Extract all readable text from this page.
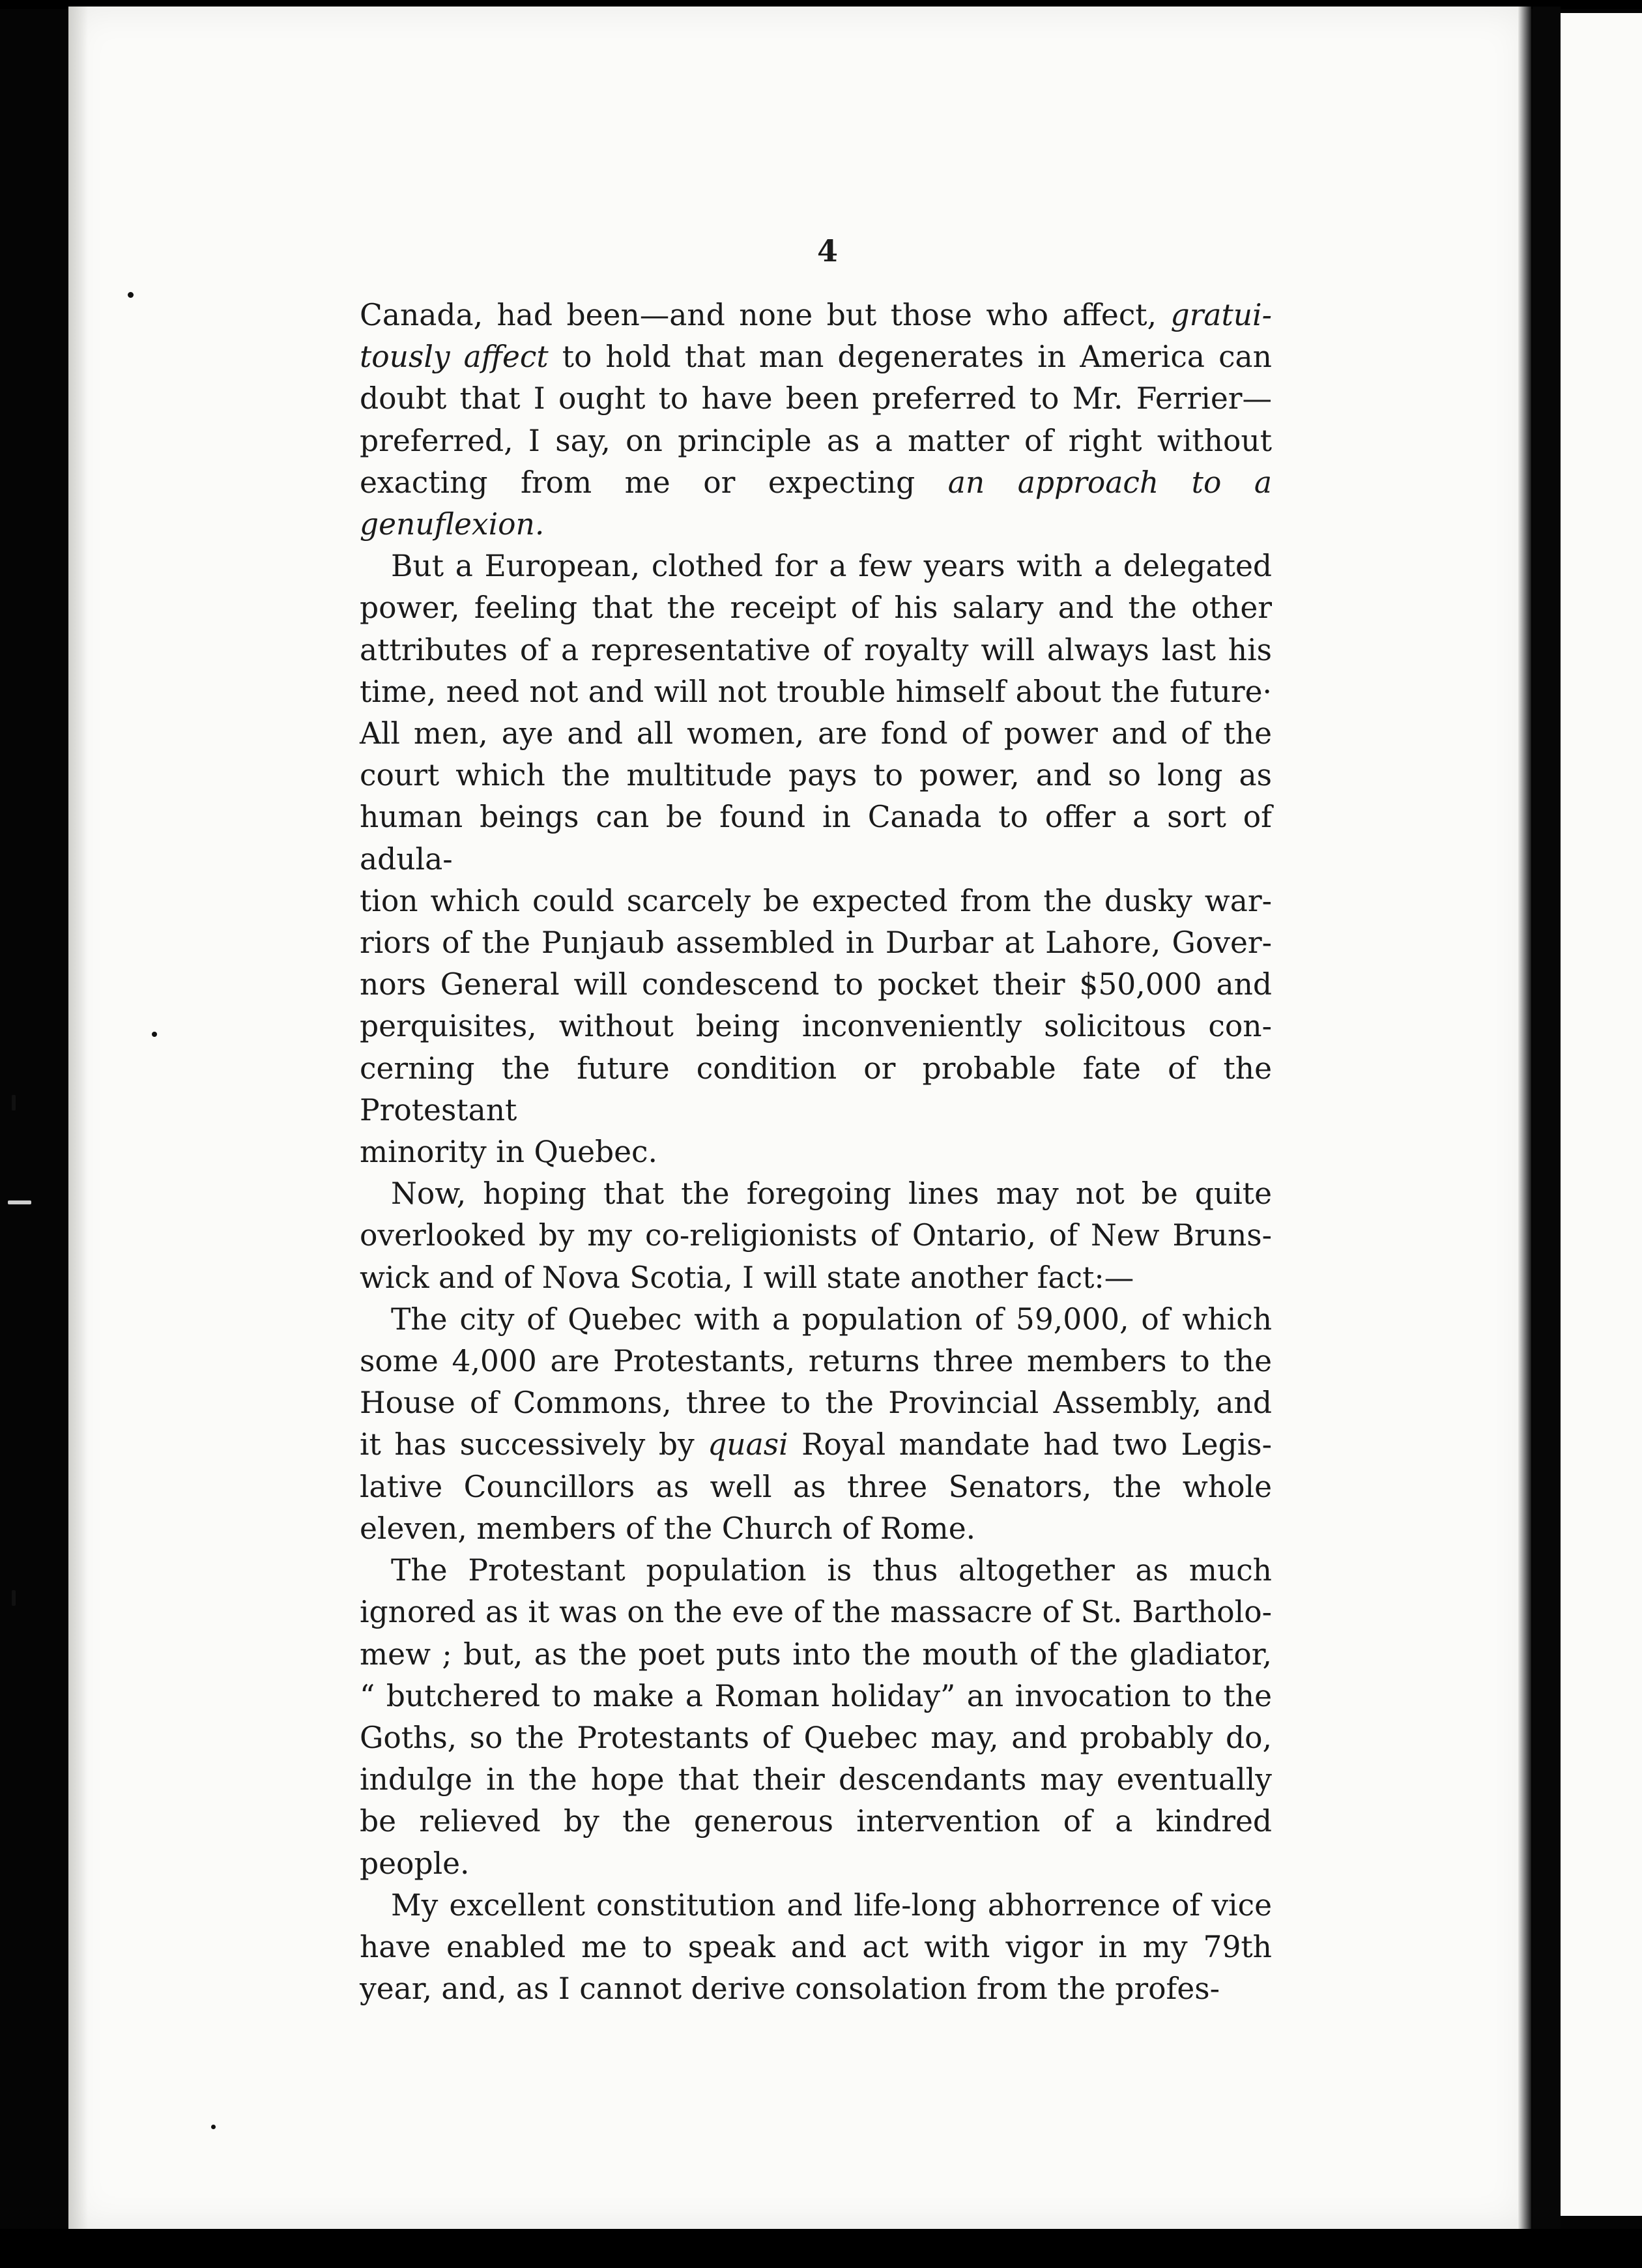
4
Canada, had been—and none but those who affect, gratui-
tously affect to hold that man degenerates in America can
doubt that I ought to have been preferred to Mr. Ferrier—
preferred, I say, on principle as a matter of right without
exacting from me or expecting an approach to a genuflexion.
But a European, clothed for a few years with a delegated
power, feeling that the receipt of his salary and the other
attributes of a representative of royalty will always last his
time, need not and will not trouble himself about the future·
All men, aye and all women, are fond of power and of the
court which the multitude pays to power, and so long as
human beings can be found in Canada to offer a sort of adula-
tion which could scarcely be expected from the dusky war-
riors of the Punjaub assembled in Durbar at Lahore, Gover-
nors General will condescend to pocket their $50,000 and
perquisites, without being inconveniently solicitous con-
cerning the future condition or probable fate of the Protestant
minority in Quebec.
Now, hoping that the foregoing lines may not be quite
overlooked by my co-religionists of Ontario, of New Bruns-
wick and of Nova Scotia, I will state another fact:—
The city of Quebec with a population of 59,000, of which
some 4,000 are Protestants, returns three members to the
House of Commons, three to the Provincial Assembly, and
it has successively by quasi Royal mandate had two Legis-
lative Councillors as well as three Senators, the whole
eleven, members of the Church of Rome.
The Protestant population is thus altogether as much
ignored as it was on the eve of the massacre of St. Bartholo-
mew ; but, as the poet puts into the mouth of the gladiator,
“ butchered to make a Roman holiday” an invocation to the
Goths, so the Protestants of Quebec may, and probably do,
indulge in the hope that their descendants may eventually
be relieved by the generous intervention of a kindred people.
My excellent constitution and life-long abhorrence of vice
have enabled me to speak and act with vigor in my 79th
year, and, as I cannot derive consolation from the profes-
